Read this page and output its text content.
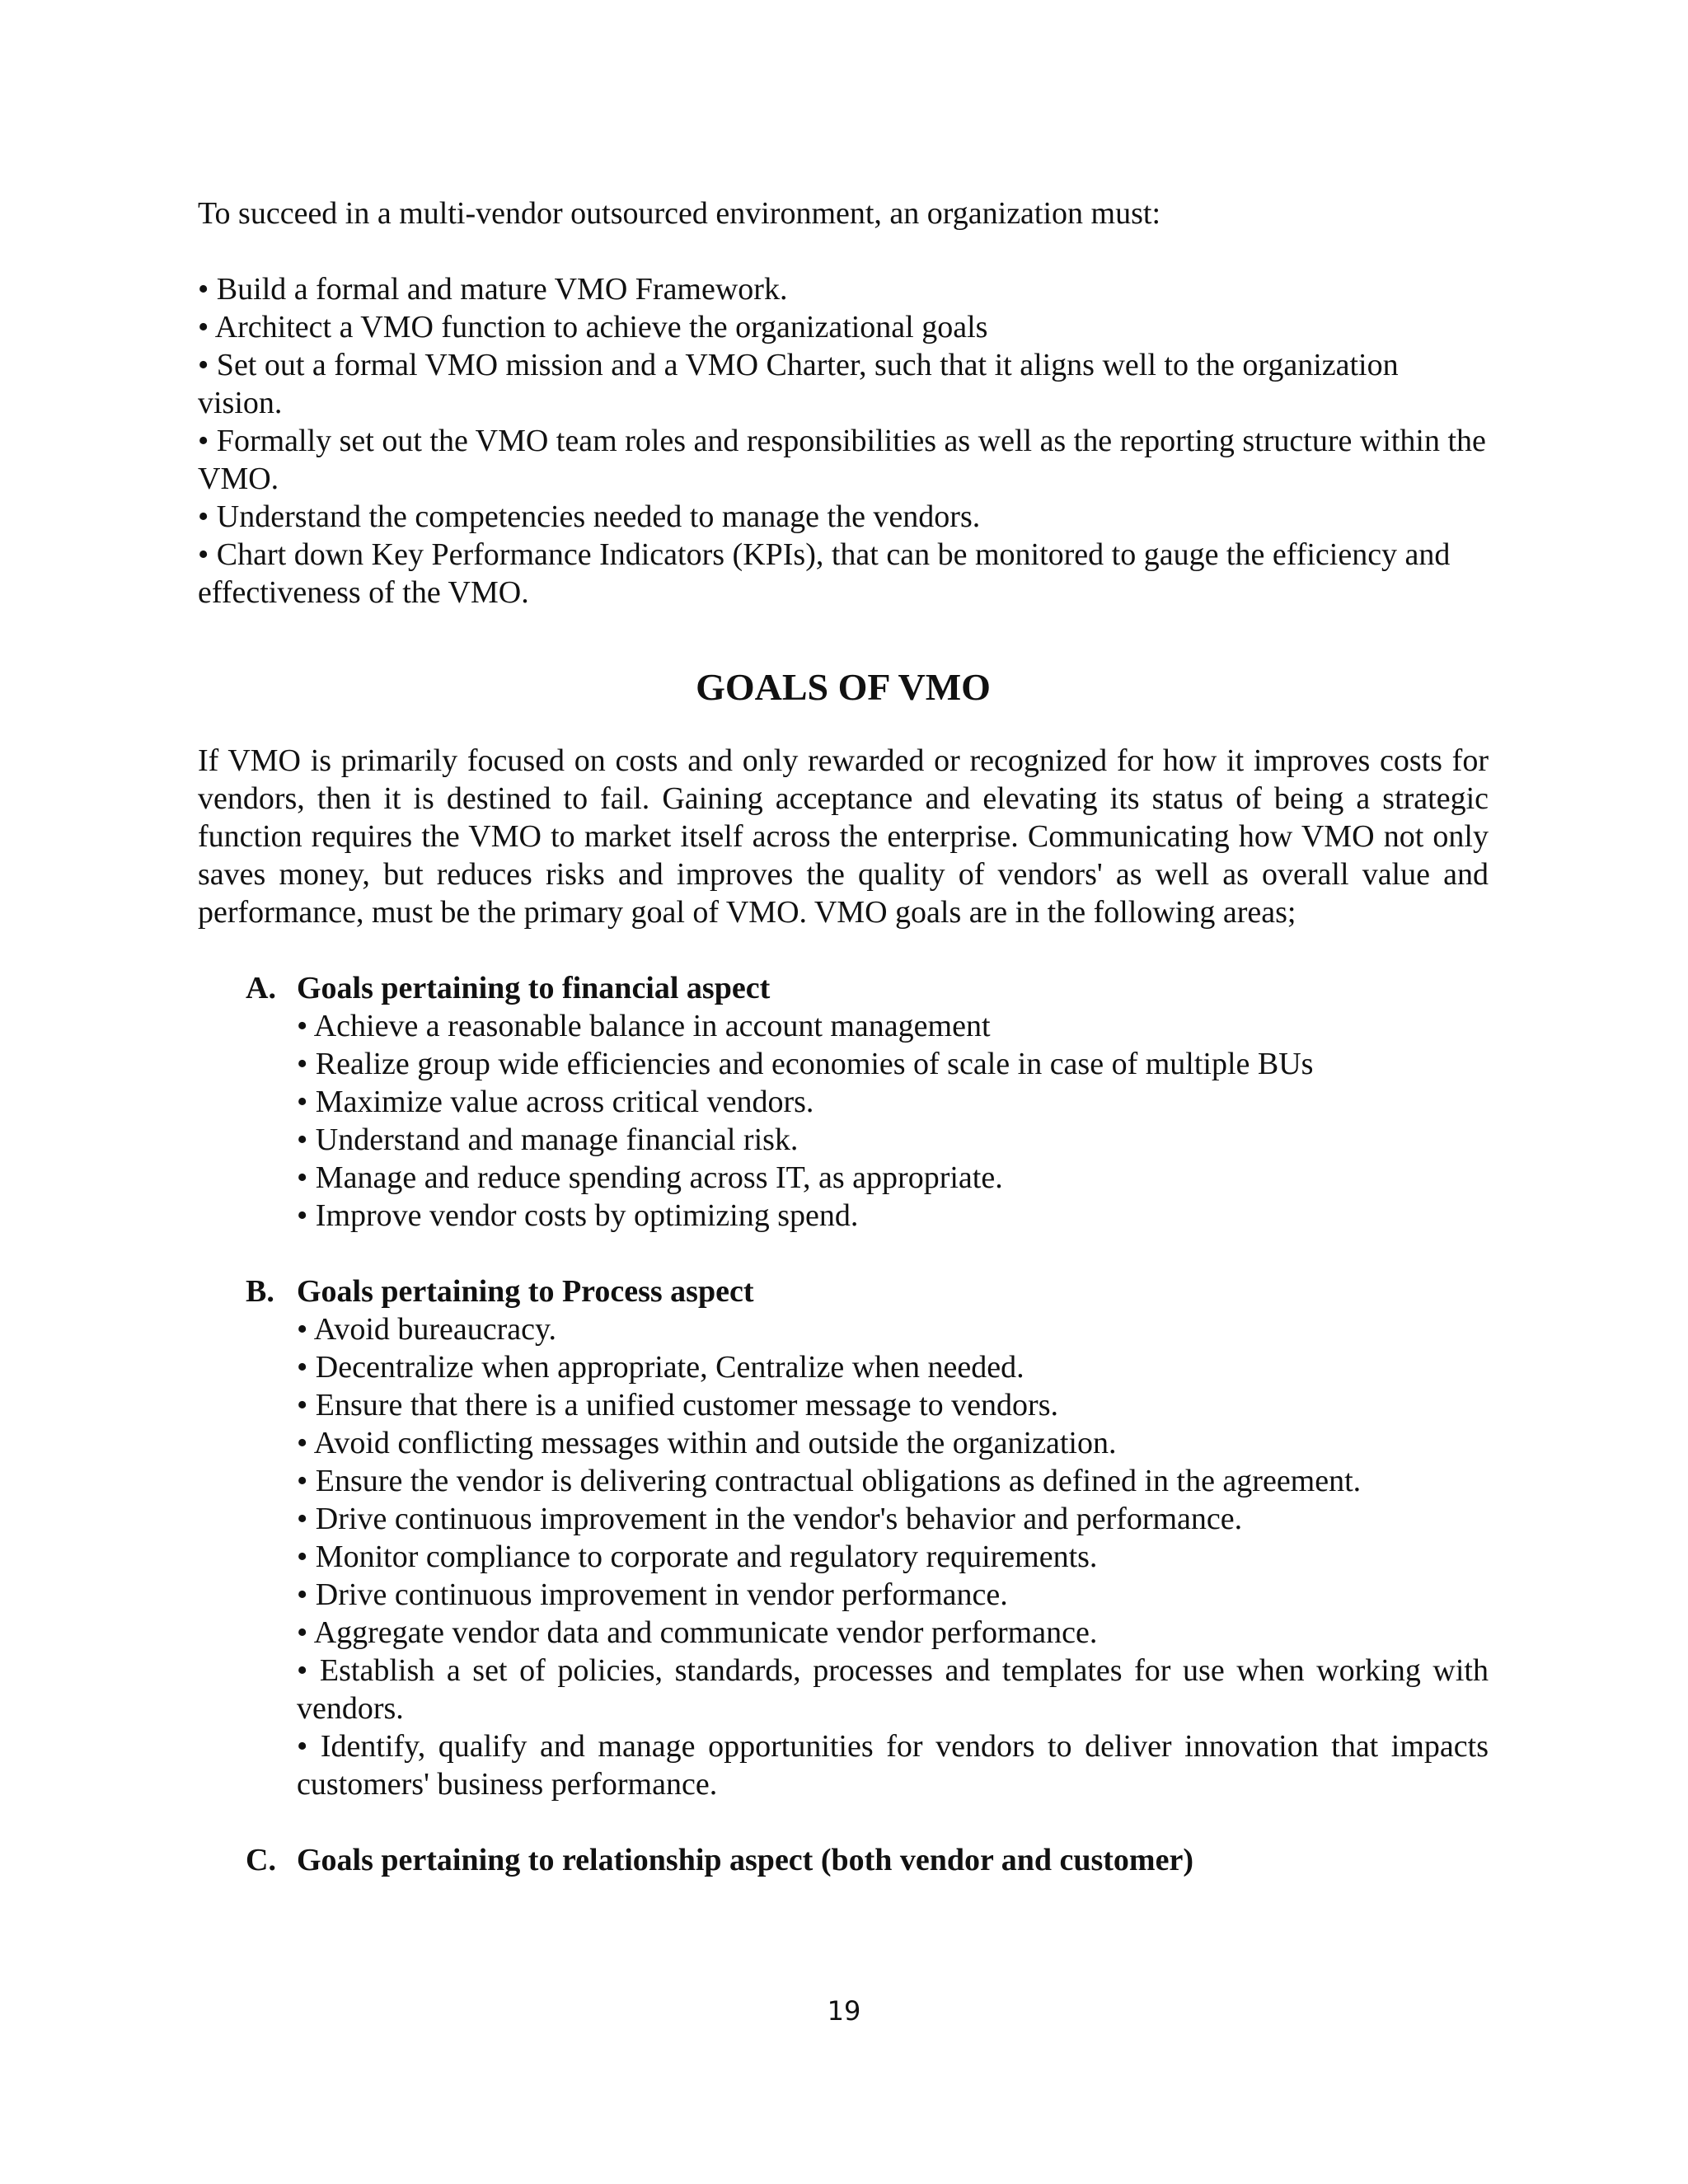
To succeed in a multi-vendor outsourced environment, an organization must:

• Build a formal and mature VMO Framework.
• Architect a VMO function to achieve the organizational goals
• Set out a formal VMO mission and a VMO Charter, such that it aligns well to the organization vision.
• Formally set out the VMO team roles and responsibilities as well as the reporting structure within the VMO.
• Understand the competencies needed to manage the vendors.
• Chart down Key Performance Indicators (KPIs), that can be monitored to gauge the efficiency and effectiveness of the VMO.
GOALS OF VMO

If VMO is primarily focused on costs and only rewarded or recognized for how it improves costs for vendors, then it is destined to fail. Gaining acceptance and elevating its status of being a strategic function requires the VMO to market itself across the enterprise. Communicating how VMO not only saves money, but reduces risks and improves the quality of vendors' as well as overall value and performance, must be the primary goal of VMO. VMO goals are in the following areas;

A. Goals pertaining to financial aspect
• Achieve a reasonable balance in account management
• Realize group wide efficiencies and economies of scale in case of multiple BUs
• Maximize value across critical vendors.
• Understand and manage financial risk.
• Manage and reduce spending across IT, as appropriate.
• Improve vendor costs by optimizing spend.
B. Goals pertaining to Process aspect
• Avoid bureaucracy.
• Decentralize when appropriate, Centralize when needed.
• Ensure that there is a unified customer message to vendors.
• Avoid conflicting messages within and outside the organization.
• Ensure the vendor is delivering contractual obligations as defined in the agreement.
• Drive continuous improvement in the vendor's behavior and performance.
• Monitor compliance to corporate and regulatory requirements.
• Drive continuous improvement in vendor performance.
• Aggregate vendor data and communicate vendor performance.
• Establish a set of policies, standards, processes and templates for use when working with vendors.
• Identify, qualify and manage opportunities for vendors to deliver innovation that impacts customers' business performance.
C. Goals pertaining to relationship aspect (both vendor and customer)
19
